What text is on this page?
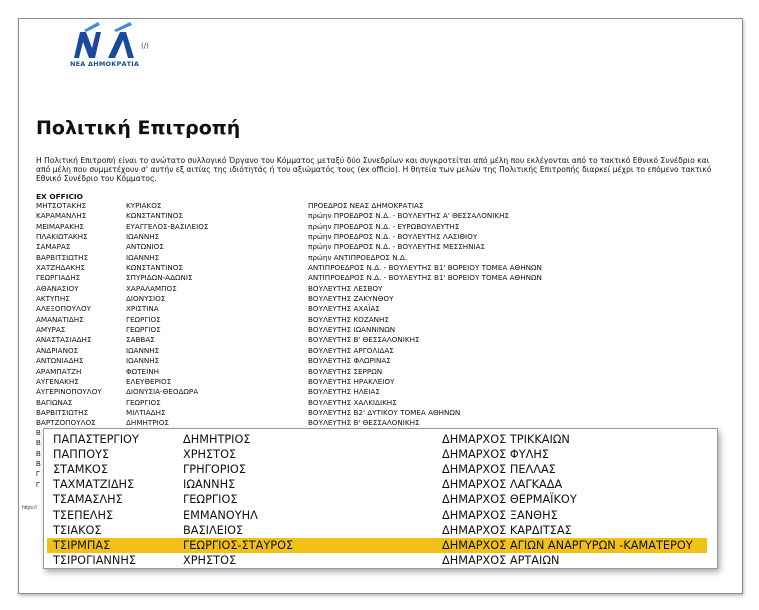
ΝΕΑ ΔΗΜΟΚΡΑΤΙΑ
(/)
Πολιτική Επιτροπή
Η Πολιτική Επιτροπή είναι το ανώτατο συλλογικό Όργανο του Κόμματος μεταξύ δύο Συνεδρίων και συγκροτείται από μέλη που εκλέγονται από το τακτικό Εθνικό Συνέδριο και από μέλη που συμμετέχουν σ' αυτήν εξ αιτίας της ιδιότητάς ή του αξιώματός τους (ex officio). Η θητεία των μελών της Πολιτικής Επιτροπής διαρκεί μέχρι το επόμενο τακτικό Εθνικό Συνέδριο του Κόμματος.
EX OFFICIO
ΜΗΤΣΟΤΑΚΗΣ	ΚΥΡΙΑΚΟΣ	ΠΡΟΕΔΡΟΣ ΝΕΑΣ ΔΗΜΟΚΡΑΤΙΑΣ
ΚΑΡΑΜΑΝΛΗΣ	ΚΩΝΣΤΑΝΤΙΝΟΣ	πρώην ΠΡΟΕΔΡΟΣ Ν.Δ. - ΒΟΥΛΕΥΤΗΣ Α' ΘΕΣΣΑΛΟΝΙΚΗΣ
ΜΕΙΜΑΡΑΚΗΣ	ΕΥΑΓΓΕΛΟΣ-ΒΑΣΙΛΕΙΟΣ	πρώην ΠΡΟΕΔΡΟΣ Ν.Δ. - ΕΥΡΩΒΟΥΛΕΥΤΗΣ
ΠΛΑΚΙΩΤΑΚΗΣ	ΙΩΑΝΝΗΣ	πρώην ΠΡΟΕΔΡΟΣ Ν.Δ. - ΒΟΥΛΕΥΤΗΣ ΛΑΣΙΘΙΟΥ
ΣΑΜΑΡΑΣ	ΑΝΤΩΝΙΟΣ	πρώην ΠΡΟΕΔΡΟΣ Ν.Δ. - ΒΟΥΛΕΥΤΗΣ ΜΕΣΣΗΝΙΑΣ
ΒΑΡΒΙΤΣΙΩΤΗΣ	ΙΩΑΝΝΗΣ	πρώην ΑΝΤΙΠΡΟΕΔΡΟΣ Ν.Δ.
ΧΑΤΖΗΔΑΚΗΣ	ΚΩΝΣΤΑΝΤΙΝΟΣ	ΑΝΤΙΠΡΟΕΔΡΟΣ Ν.Δ. - ΒΟΥΛΕΥΤΗΣ Β1' ΒΟΡΕΙΟΥ ΤΟΜΕΑ ΑΘΗΝΩΝ
ΓΕΩΡΓΙΑΔΗΣ	ΣΠΥΡΙΔΩΝ-ΑΔΩΝΙΣ	ΑΝΤΙΠΡΟΕΔΡΟΣ Ν.Δ. - ΒΟΥΛΕΥΤΗΣ Β1' ΒΟΡΕΙΟΥ ΤΟΜΕΑ ΑΘΗΝΩΝ
ΑΘΑΝΑΣΙΟΥ	ΧΑΡΑΛΑΜΠΟΣ	ΒΟΥΛΕΥΤΗΣ ΛΕΣΒΟΥ
ΑΚΤΥΠΗΣ	ΔΙΟΝΥΣΙΟΣ	ΒΟΥΛΕΥΤΗΣ ΖΑΚΥΝΘΟΥ
ΑΛΕΞΟΠΟΥΛΟΥ	ΧΡΙΣΤΙΝΑ	ΒΟΥΛΕΥΤΗΣ ΑΧΑΪΑΣ
ΑΜΑΝΑΤΙΔΗΣ	ΓΕΩΡΓΙΟΣ	ΒΟΥΛΕΥΤΗΣ ΚΟΖΑΝΗΣ
ΑΜΥΡΑΣ	ΓΕΩΡΓΙΟΣ	ΒΟΥΛΕΥΤΗΣ ΙΩΑΝΝΙΝΩΝ
ΑΝΑΣΤΑΣΙΑΔΗΣ	ΣΑΒΒΑΣ	ΒΟΥΛΕΥΤΗΣ Β' ΘΕΣΣΑΛΟΝΙΚΗΣ
ΑΝΔΡΙΑΝΟΣ	ΙΩΑΝΝΗΣ	ΒΟΥΛΕΥΤΗΣ ΑΡΓΟΛΙΔΑΣ
ΑΝΤΩΝΙΑΔΗΣ	ΙΩΑΝΝΗΣ	ΒΟΥΛΕΥΤΗΣ ΦΛΩΡΙΝΑΣ
ΑΡΑΜΠΑΤΖΗ	ΦΩΤΕΙΝΗ	ΒΟΥΛΕΥΤΗΣ ΣΕΡΡΩΝ
ΑΥΓΕΝΑΚΗΣ	ΕΛΕΥΘΕΡΙΟΣ	ΒΟΥΛΕΥΤΗΣ ΗΡΑΚΛΕΙΟΥ
ΑΥΓΕΡΙΝΟΠΟΥΛΟΥ	ΔΙΟΝΥΣΙΑ-ΘΕΟΔΩΡΑ	ΒΟΥΛΕΥΤΗΣ ΗΛΕΙΑΣ
ΒΑΓΙΩΝΑΣ	ΓΕΩΡΓΙΟΣ	ΒΟΥΛΕΥΤΗΣ ΧΑΛΚΙΔΙΚΗΣ
ΒΑΡΒΙΤΣΙΩΤΗΣ	ΜΙΛΤΙΑΔΗΣ	ΒΟΥΛΕΥΤΗΣ Β2' ΔΥΤΙΚΟΥ ΤΟΜΕΑ ΑΘΗΝΩΝ
ΒΑΡΤΖΟΠΟΥΛΟΣ	ΔΗΜΗΤΡΙΟΣ	ΒΟΥΛΕΥΤΗΣ Β' ΘΕΣΣΑΛΟΝΙΚΗΣ
Β
Β
Β
Β
Γ
Γ
https://
ΠΑΠΑΣΤΕΡΓΙΟΥ	ΔΗΜΗΤΡΙΟΣ	ΔΗΜΑΡΧΟΣ ΤΡΙΚΚΑΙΩΝ
ΠΑΠΠΟΥΣ	ΧΡΗΣΤΟΣ	ΔΗΜΑΡΧΟΣ ΦΥΛΗΣ
ΣΤΑΜΚΟΣ	ΓΡΗΓΟΡΙΟΣ	ΔΗΜΑΡΧΟΣ ΠΕΛΛΑΣ
ΤΑΧΜΑΤΖΙΔΗΣ	ΙΩΑΝΝΗΣ	ΔΗΜΑΡΧΟΣ ΛΑΓΚΑΔΑ
ΤΣΑΜΑΣΛΗΣ	ΓΕΩΡΓΙΟΣ	ΔΗΜΑΡΧΟΣ ΘΕΡΜΑΪΚΟΥ
ΤΣΕΠΕΛΗΣ	ΕΜΜΑΝΟΥΗΛ	ΔΗΜΑΡΧΟΣ ΞΑΝΘΗΣ
ΤΣΙΑΚΟΣ	ΒΑΣΙΛΕΙΟΣ	ΔΗΜΑΡΧΟΣ ΚΑΡΔΙΤΣΑΣ
ΤΣΙΡΜΠΑΣ	ΓΕΩΡΓΙΟΣ-ΣΤΑΥΡΟΣ	ΔΗΜΑΡΧΟΣ ΑΓΙΩΝ ΑΝΑΡΓΥΡΩΝ -ΚΑΜΑΤΕΡΟΥ
ΤΣΙΡΟΓΙΑΝΝΗΣ	ΧΡΗΣΤΟΣ	ΔΗΜΑΡΧΟΣ ΑΡΤΑΙΩΝ
